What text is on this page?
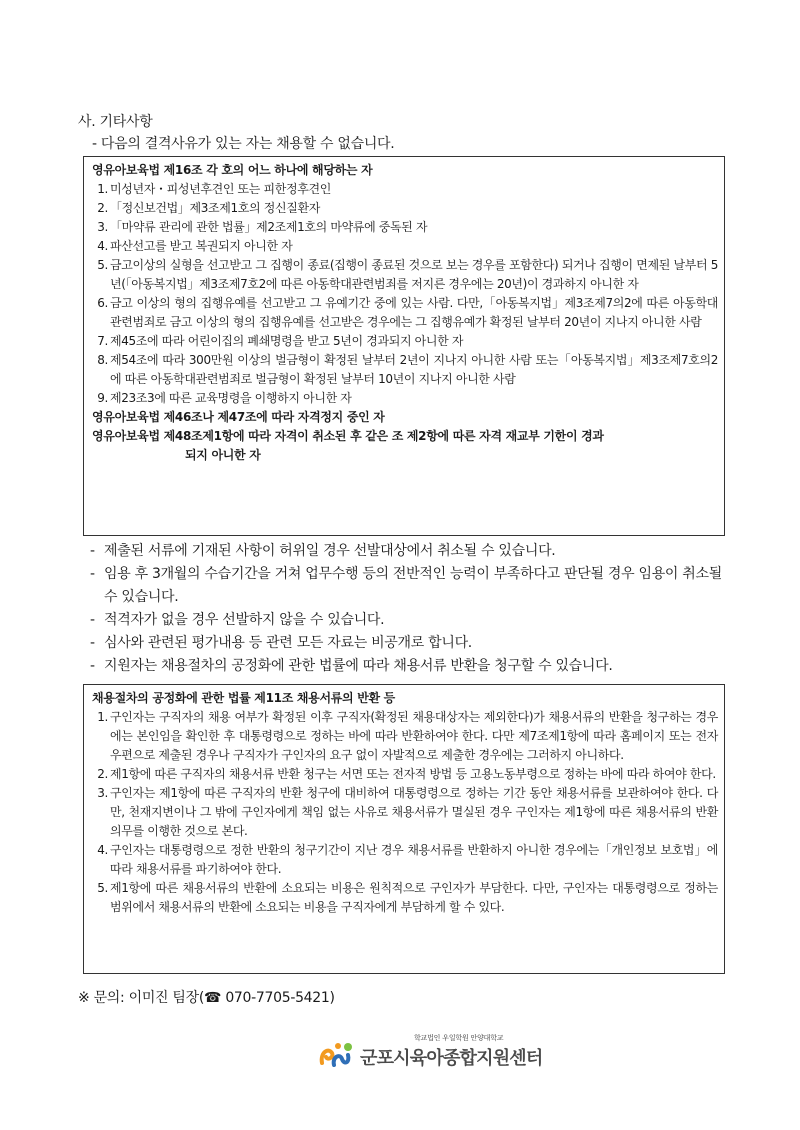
사. 기타사항
- 다음의 결격사유가 있는 자는 채용할 수 없습니다.
영유아보육법 제16조 각 호의 어느 하나에 해당하는 자
1. 미성년자・피성년후견인 또는 피한정후견인
2. 「정신보건법」제3조제1호의 정신질환자
3. 「마약류 관리에 관한 법률」제2조제1호의 마약류에 중독된 자
4. 파산선고를 받고 복권되지 아니한 자
5. 금고이상의 실형을 선고받고 그 집행이 종료(집행이 종료된 것으로 보는 경우를 포함한다) 되거나 집행이 면제된 날부터 5년(「아동복지법」제3조제7호2에 따른 아동학대관련범죄를 저지른 경우에는 20년)이 경과하지 아니한 자
6. 금고 이상의 형의 집행유예를 선고받고 그 유예기간 중에 있는 사람. 다만,「아동복지법」제3조제7의2에 따른 아동학대관련범죄로 금고 이상의 형의 집행유예를 선고받은 경우에는 그 집행유예가 확정된 날부터 20년이 지나지 아니한 사람
7. 제45조에 따라 어린이집의 폐쇄명령을 받고 5년이 경과되지 아니한 자
8. 제54조에 따라 300만원 이상의 벌금형이 확정된 날부터 2년이 지나지 아니한 사람 또는「아동복지법」제3조제7호의2에 따른 아동학대관련범죄로 벌금형이 확정된 날부터 10년이 지나지 아니한 사람
9. 제23조3에 따른 교육명령을 이행하지 아니한 자
영유아보육법 제46조나 제47조에 따라 자격정지 중인 자
영유아보육법 제48조제1항에 따라 자격이 취소된 후 같은 조 제2항에 따른 자격 재교부 기한이 경과
되지 아니한 자
- 제출된 서류에 기재된 사항이 허위일 경우 선발대상에서 취소될 수 있습니다.
- 임용 후 3개월의 수습기간을 거쳐 업무수행 등의 전반적인 능력이 부족하다고 판단될 경우 임용이 취소될 수 있습니다.
- 적격자가 없을 경우 선발하지 않을 수 있습니다.
- 심사와 관련된 평가내용 등 관련 모든 자료는 비공개로 합니다.
- 지원자는 채용절차의 공정화에 관한 법률에 따라 채용서류 반환을 청구할 수 있습니다.
채용절차의 공정화에 관한 법률 제11조 채용서류의 반환 등
1. 구인자는 구직자의 채용 여부가 확정된 이후 구직자(확정된 채용대상자는 제외한다)가 채용서류의 반환을 청구하는 경우에는 본인임을 확인한 후 대통령령으로 정하는 바에 따라 반환하여야 한다. 다만 제7조제1항에 따라 홈페이지 또는 전자우편으로 제출된 경우나 구직자가 구인자의 요구 없이 자발적으로 제출한 경우에는 그러하지 아니하다.
2. 제1항에 따른 구직자의 채용서류 반환 청구는 서면 또는 전자적 방법 등 고용노동부령으로 정하는 바에 따라 하여야 한다.
3. 구인자는 제1항에 따른 구직자의 반환 청구에 대비하여 대통령령으로 정하는 기간 동안 채용서류를 보관하여야 한다. 다만, 천재지변이나 그 밖에 구인자에게 책임 없는 사유로 채용서류가 멸실된 경우 구인자는 제1항에 따른 채용서류의 반환 의무를 이행한 것으로 본다.
4. 구인자는 대통령령으로 정한 반환의 청구기간이 지난 경우 채용서류를 반환하지 아니한 경우에는「개인정보 보호법」에 따라 채용서류를 파기하여야 한다.
5. 제1항에 따른 채용서류의 반환에 소요되는 비용은 원칙적으로 구인자가 부담한다. 다만, 구인자는 대통령령으로 정하는 범위에서 채용서류의 반환에 소요되는 비용을 구직자에게 부담하게 할 수 있다.
※ 문의: 이미진 팀장(☎ 070-7705-5421)
학교법인 우일학원 안양대학교
군포시육아종합지원센터
